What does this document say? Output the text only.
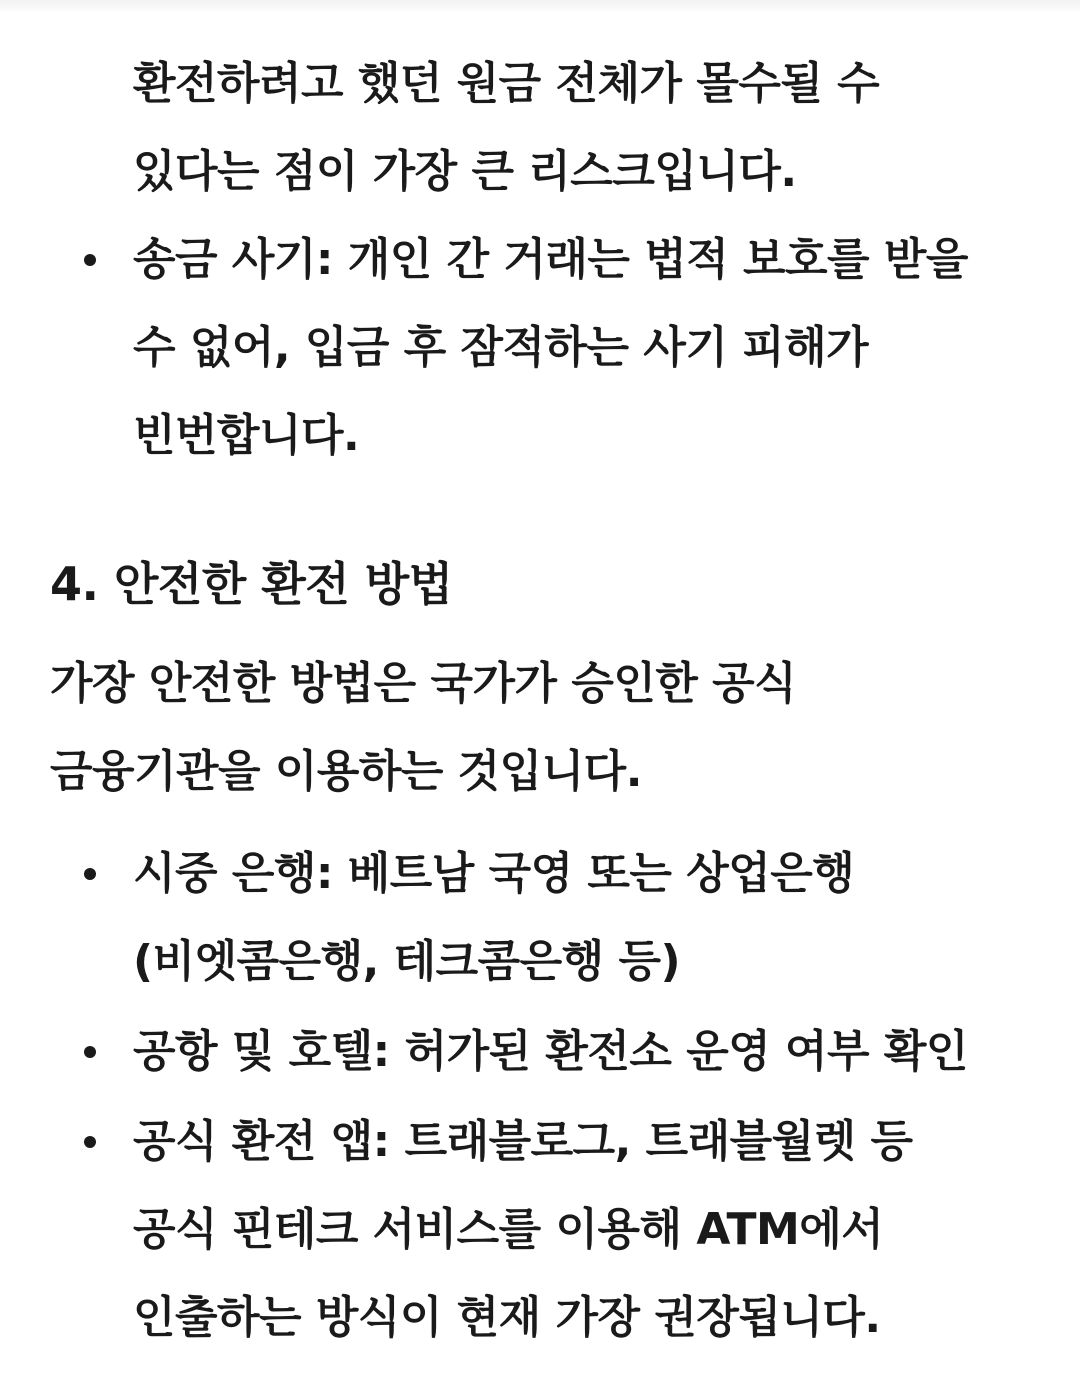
환전하려고 했던 원금 전체가 몰수될 수
있다는 점이 가장 큰 리스크입니다.
송금 사기: 개인 간 거래는 법적 보호를 받을
수 없어, 입금 후 잠적하는 사기 피해가
빈번합니다.
4. 안전한 환전 방법
가장 안전한 방법은 국가가 승인한 공식
금융기관을 이용하는 것입니다.
시중 은행: 베트남 국영 또는 상업은행
(비엣콤은행, 테크콤은행 등)
공항 및 호텔: 허가된 환전소 운영 여부 확인
공식 환전 앱: 트래블로그, 트래블월렛 등
공식 핀테크 서비스를 이용해 ATM에서
인출하는 방식이 현재 가장 권장됩니다.
